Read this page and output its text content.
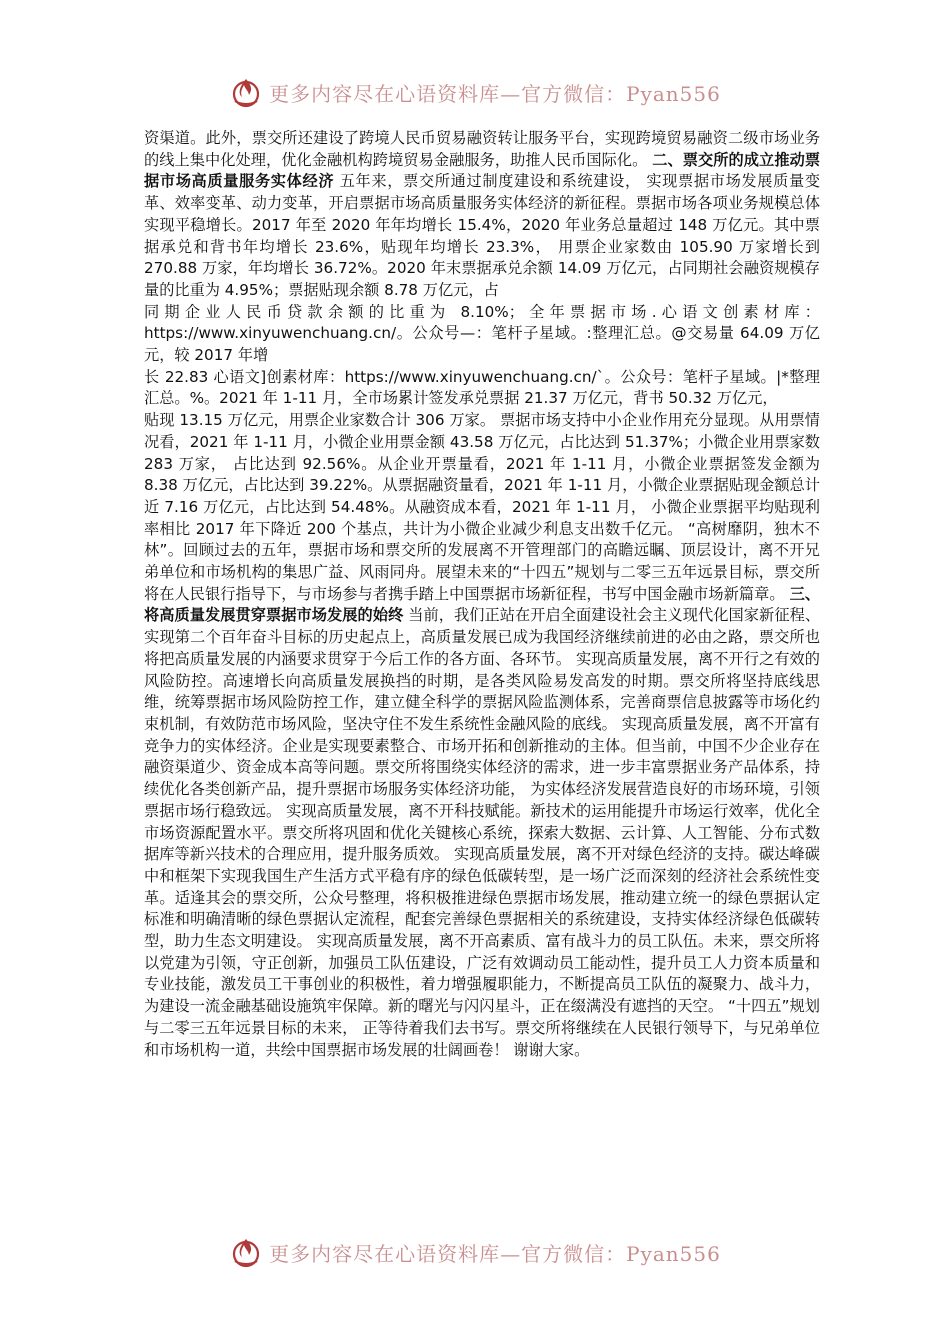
更多内容尽在心语资料库—官方微信：Pyan556

资渠道。此外，票交所还建设了跨境人民币贸易融资转让服务平台，实现跨境贸易融资二级市场业务的线上集中化处理，优化金融机构跨境贸易金融服务，助推人民币国际化。 二、票交所的成立推动票据市场高质量服务实体经济 五年来，票交所通过制度建设和系统建设， 实现票据市场发展质量变革、效率变革、动力变革，开启票据市场高质量服务实体经济的新征程。票据市场各项业务规模总体实现平稳增长。2017 年至 2020 年年均增长 15.4%，2020 年业务总量超过 148 万亿元。其中票据承兑和背书年均增长 23.6%，贴现年均增长 23.3%， 用票企业家数由 105.90 万家增长到 270.88 万家，年均增长 36.72%。2020 年末票据承兑余额 14.09 万亿元，占同期社会融资规模存量的比重为 4.95%；票据贴现余额 8.78 万亿元，占

同期企业人民币贷款余额的比重为 8.10%；全年票据市场.心语文创素材库：https://www.xinyuwenchuang.cn/。公众号—：笔杆子星域。:整理汇总。@交易量 64.09 万亿元，较 2017 年增

长 22.83 心语文]创素材库：https://www.xinyuwenchuang.cn/`。公众号：笔杆子星域。|*整理汇总。%。2021 年 1-11 月，全市场累计签发承兑票据 21.37 万亿元，背书 50.32 万亿元，

贴现 13.15 万亿元，用票企业家数合计 306 万家。 票据市场支持中小企业作用充分显现。从用票情况看，2021 年 1-11 月，小微企业用票金额 43.58 万亿元，占比达到 51.37%；小微企业用票家数 283 万家， 占比达到 92.56%。从企业开票量看，2021 年 1-11 月，小微企业票据签发金额为 8.38 万亿元，占比达到 39.22%。从票据融资量看，2021 年 1-11 月，小微企业票据贴现金额总计近 7.16 万亿元，占比达到 54.48%。从融资成本看，2021 年 1-11 月， 小微企业票据平均贴现利率相比 2017 年下降近 200 个基点，共计为小微企业减少利息支出数千亿元。 “高树靡阴，独木不林”。回顾过去的五年，票据市场和票交所的发展离不开管理部门的高瞻远瞩、顶层设计，离不开兄弟单位和市场机构的集思广益、风雨同舟。展望未来的“十四五”规划与二零三五年远景目标，票交所将在人民银行指导下，与市场参与者携手踏上中国票据市场新征程，书写中国金融市场新篇章。 三、将高质量发展贯穿票据市场发展的始终 当前，我们正站在开启全面建设社会主义现代化国家新征程、实现第二个百年奋斗目标的历史起点上，高质量发展已成为我国经济继续前进的必由之路，票交所也将把高质量发展的内涵要求贯穿于今后工作的各方面、各环节。 实现高质量发展，离不开行之有效的风险防控。高速增长向高质量发展换挡的时期，是各类风险易发高发的时期。票交所将坚持底线思维，统筹票据市场风险防控工作，建立健全科学的票据风险监测体系，完善商票信息披露等市场化约束机制，有效防范市场风险，坚决守住不发生系统性金融风险的底线。 实现高质量发展，离不开富有竞争力的实体经济。企业是实现要素整合、市场开拓和创新推动的主体。但当前，中国不少企业存在融资渠道少、资金成本高等问题。票交所将围绕实体经济的需求，进一步丰富票据业务产品体系，持续优化各类创新产品，提升票据市场服务实体经济功能， 为实体经济发展营造良好的市场环境，引领票据市场行稳致远。 实现高质量发展，离不开科技赋能。新技术的运用能提升市场运行效率，优化全市场资源配置水平。票交所将巩固和优化关键核心系统，探索大数据、云计算、人工智能、分布式数据库等新兴技术的合理应用，提升服务质效。 实现高质量发展，离不开对绿色经济的支持。碳达峰碳中和框架下实现我国生产生活方式平稳有序的绿色低碳转型，是一场广泛而深刻的经济社会系统性变革。适逢其会的票交所，公众号整理，将积极推进绿色票据市场发展，推动建立统一的绿色票据认定标准和明确清晰的绿色票据认定流程，配套完善绿色票据相关的系统建设，支持实体经济绿色低碳转型，助力生态文明建设。 实现高质量发展，离不开高素质、富有战斗力的员工队伍。未来，票交所将以党建为引领，守正创新，加强员工队伍建设，广泛有效调动员工能动性，提升员工人力资本质量和专业技能，激发员工干事创业的积极性，着力增强履职能力，不断提高员工队伍的凝聚力、战斗力，为建设一流金融基础设施筑牢保障。新的曙光与闪闪星斗，正在缀满没有遮挡的天空。 “十四五”规划与二零三五年远景目标的未来， 正等待着我们去书写。票交所将继续在人民银行领导下，与兄弟单位和市场机构一道，共绘中国票据市场发展的壮阔画卷！ 谢谢大家。

更多内容尽在心语资料库—官方微信：Pyan556
